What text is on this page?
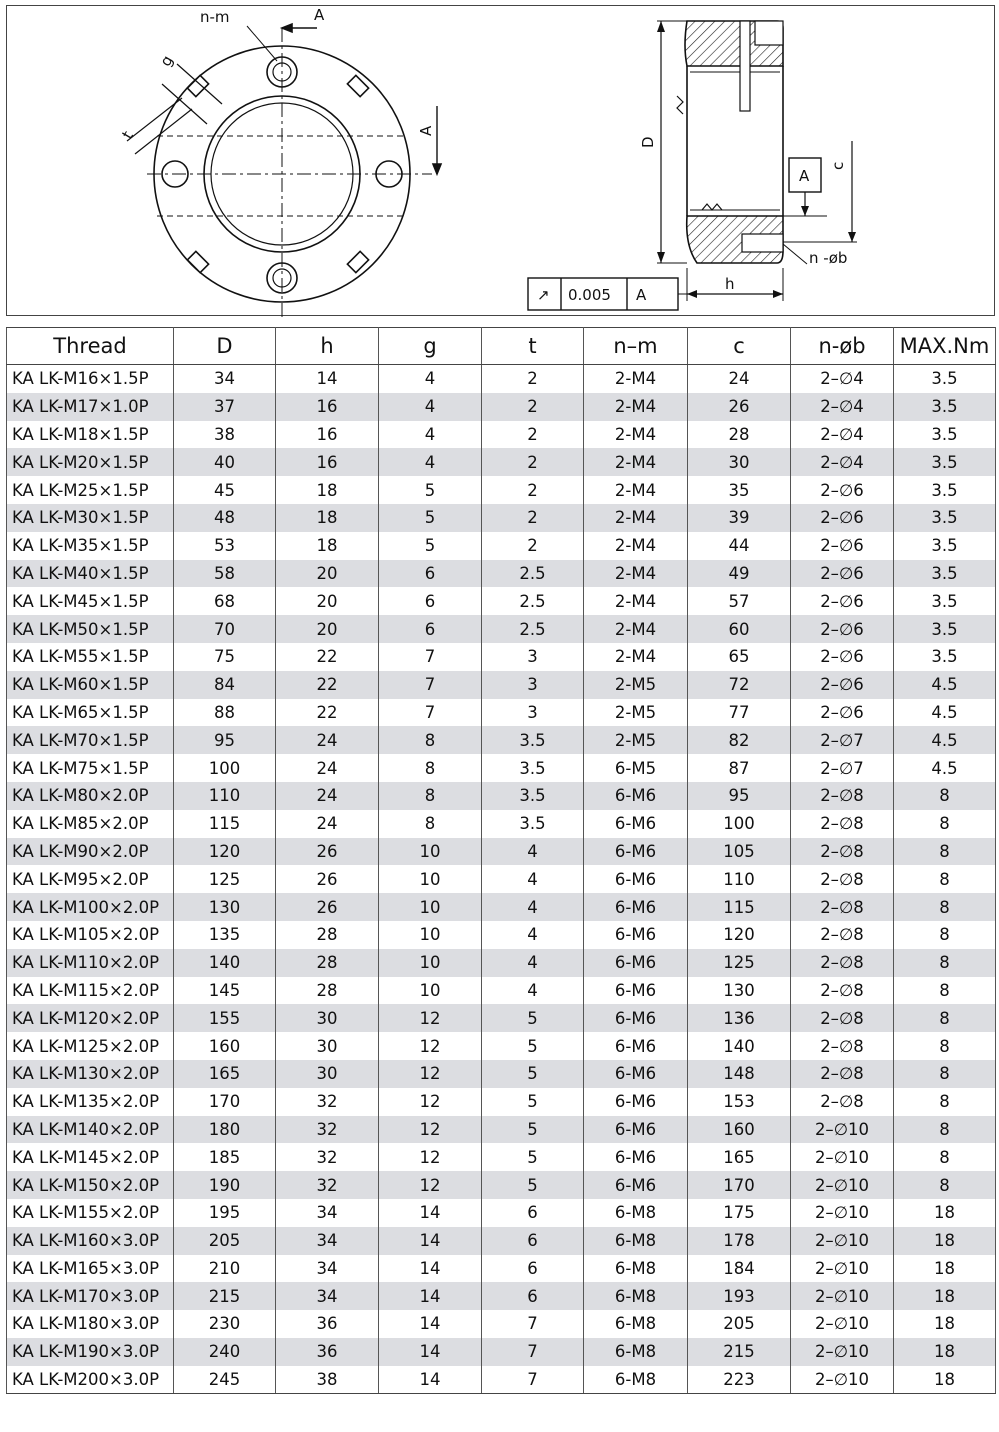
n-m	A
g
t	A
D
c
A
n -øb
h
↗ 0.005 A
Thread	D	h	g	t	n–m	c	n-øb	MAX.Nm
KA LK-M16×1.5P	34	14	4	2	2-M4	24	2–∅4	3.5
KA LK-M17×1.0P	37	16	4	2	2-M4	26	2–∅4	3.5
KA LK-M18×1.5P	38	16	4	2	2-M4	28	2–∅4	3.5
KA LK-M20×1.5P	40	16	4	2	2-M4	30	2–∅4	3.5
KA LK-M25×1.5P	45	18	5	2	2-M4	35	2–∅6	3.5
KA LK-M30×1.5P	48	18	5	2	2-M4	39	2–∅6	3.5
KA LK-M35×1.5P	53	18	5	2	2-M4	44	2–∅6	3.5
KA LK-M40×1.5P	58	20	6	2.5	2-M4	49	2–∅6	3.5
KA LK-M45×1.5P	68	20	6	2.5	2-M4	57	2–∅6	3.5
KA LK-M50×1.5P	70	20	6	2.5	2-M4	60	2–∅6	3.5
KA LK-M55×1.5P	75	22	7	3	2-M4	65	2–∅6	3.5
KA LK-M60×1.5P	84	22	7	3	2-M5	72	2–∅6	4.5
KA LK-M65×1.5P	88	22	7	3	2-M5	77	2–∅6	4.5
KA LK-M70×1.5P	95	24	8	3.5	2-M5	82	2–∅7	4.5
KA LK-M75×1.5P	100	24	8	3.5	6-M5	87	2–∅7	4.5
KA LK-M80×2.0P	110	24	8	3.5	6-M6	95	2–∅8	8
KA LK-M85×2.0P	115	24	8	3.5	6-M6	100	2–∅8	8
KA LK-M90×2.0P	120	26	10	4	6-M6	105	2–∅8	8
KA LK-M95×2.0P	125	26	10	4	6-M6	110	2–∅8	8
KA LK-M100×2.0P	130	26	10	4	6-M6	115	2–∅8	8
KA LK-M105×2.0P	135	28	10	4	6-M6	120	2–∅8	8
KA LK-M110×2.0P	140	28	10	4	6-M6	125	2–∅8	8
KA LK-M115×2.0P	145	28	10	4	6-M6	130	2–∅8	8
KA LK-M120×2.0P	155	30	12	5	6-M6	136	2–∅8	8
KA LK-M125×2.0P	160	30	12	5	6-M6	140	2–∅8	8
KA LK-M130×2.0P	165	30	12	5	6-M6	148	2–∅8	8
KA LK-M135×2.0P	170	32	12	5	6-M6	153	2–∅8	8
KA LK-M140×2.0P	180	32	12	5	6-M6	160	2–∅10	8
KA LK-M145×2.0P	185	32	12	5	6-M6	165	2–∅10	8
KA LK-M150×2.0P	190	32	12	5	6-M6	170	2–∅10	8
KA LK-M155×2.0P	195	34	14	6	6-M8	175	2–∅10	18
KA LK-M160×3.0P	205	34	14	6	6-M8	178	2–∅10	18
KA LK-M165×3.0P	210	34	14	6	6-M8	184	2–∅10	18
KA LK-M170×3.0P	215	34	14	6	6-M8	193	2–∅10	18
KA LK-M180×3.0P	230	36	14	7	6-M8	205	2–∅10	18
KA LK-M190×3.0P	240	36	14	7	6-M8	215	2–∅10	18
KA LK-M200×3.0P	245	38	14	7	6-M8	223	2–∅10	18
